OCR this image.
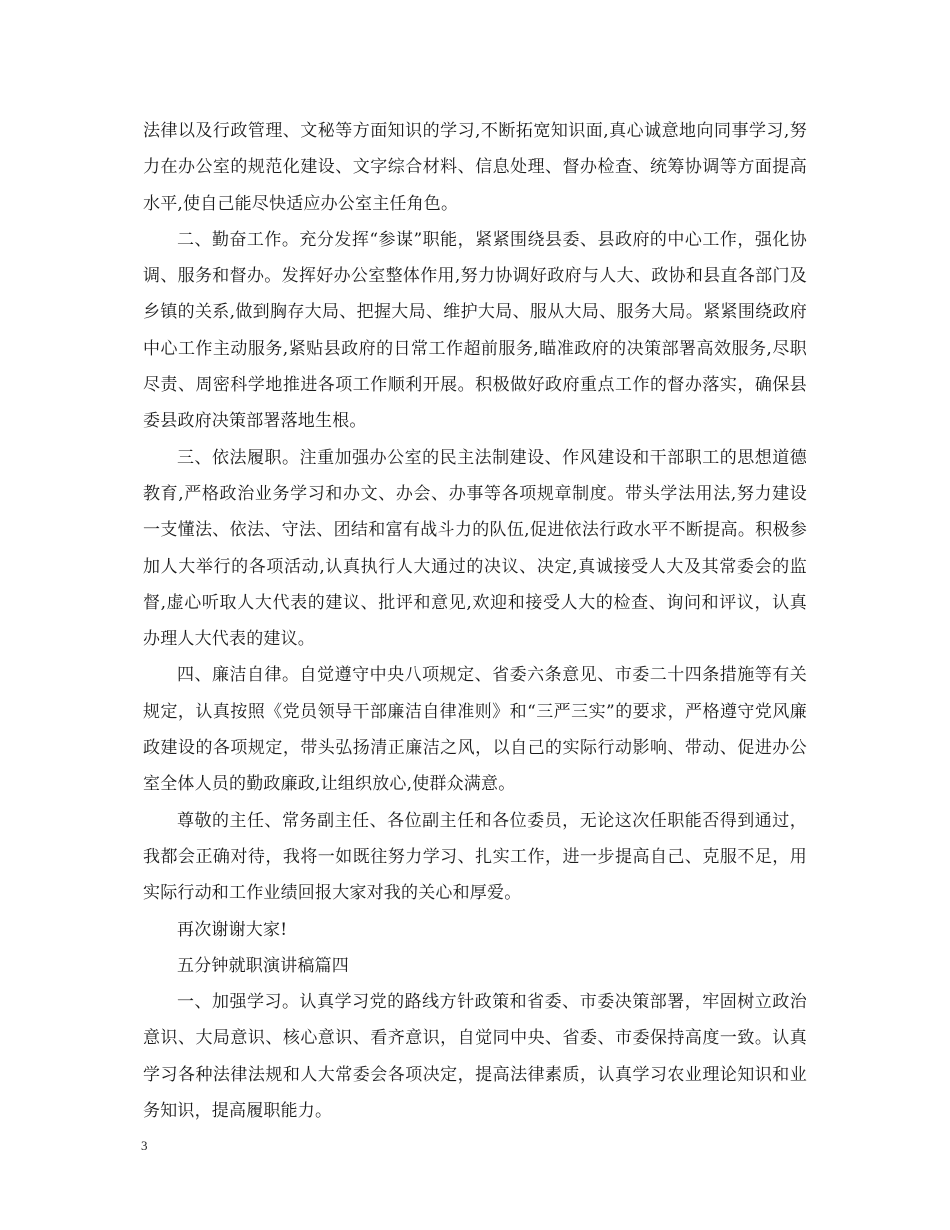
法律以及行政管理、文秘等方面知识的学习,不断拓宽知识面,真心诚意地向同事学习,努力在办公室的规范化建设、文字综合材料、信息处理、督办检查、统筹协调等方面提高水平,使自己能尽快适应办公室主任角色。

二、勤奋工作。充分发挥“参谋”职能，紧紧围绕县委、县政府的中心工作，强化协调、服务和督办。发挥好办公室整体作用,努力协调好政府与人大、政协和县直各部门及乡镇的关系,做到胸存大局、把握大局、维护大局、服从大局、服务大局。紧紧围绕政府中心工作主动服务,紧贴县政府的日常工作超前服务,瞄准政府的决策部署高效服务,尽职尽责、周密科学地推进各项工作顺利开展。积极做好政府重点工作的督办落实，确保县委县政府决策部署落地生根。

三、依法履职。注重加强办公室的民主法制建设、作风建设和干部职工的思想道德教育,严格政治业务学习和办文、办会、办事等各项规章制度。带头学法用法,努力建设一支懂法、依法、守法、团结和富有战斗力的队伍,促进依法行政水平不断提高。积极参加人大举行的各项活动,认真执行人大通过的决议、决定,真诚接受人大及其常委会的监督,虚心听取人大代表的建议、批评和意见,欢迎和接受人大的检查、询问和评议，认真办理人大代表的建议。

四、廉洁自律。自觉遵守中央八项规定、省委六条意见、市委二十四条措施等有关规定，认真按照《党员领导干部廉洁自律准则》和“三严三实”的要求，严格遵守党风廉政建设的各项规定，带头弘扬清正廉洁之风，以自己的实际行动影响、带动、促进办公室全体人员的勤政廉政,让组织放心,使群众满意。

尊敬的主任、常务副主任、各位副主任和各位委员，无论这次任职能否得到通过，我都会正确对待，我将一如既往努力学习、扎实工作，进一步提高自己、克服不足，用实际行动和工作业绩回报大家对我的关心和厚爱。

再次谢谢大家!

五分钟就职演讲稿篇四

一、加强学习。认真学习党的路线方针政策和省委、市委决策部署，牢固树立政治意识、大局意识、核心意识、看齐意识，自觉同中央、省委、市委保持高度一致。认真学习各种法律法规和人大常委会各项决定，提高法律素质，认真学习农业理论知识和业务知识，提高履职能力。

3
